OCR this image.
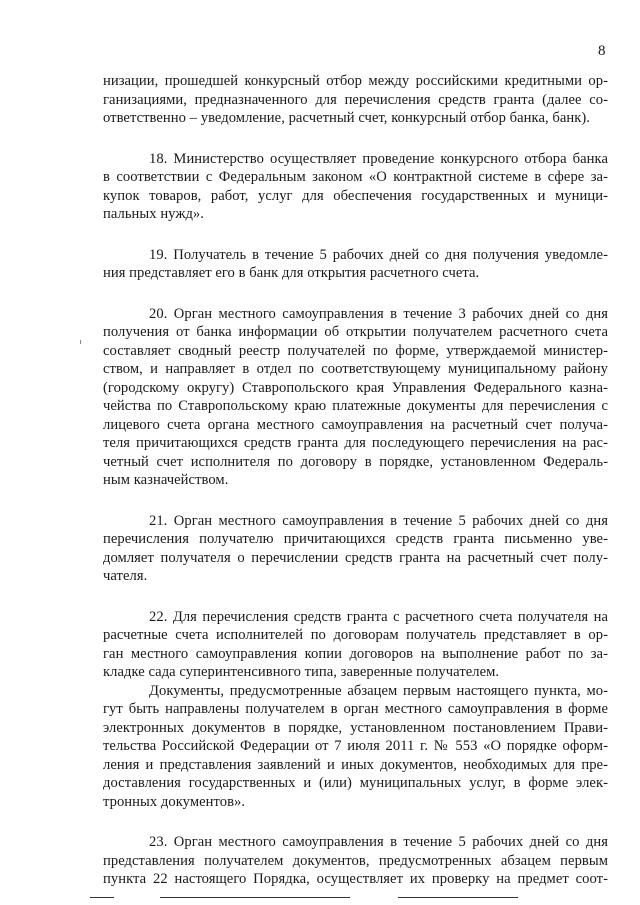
8
низации, прошедшей конкурсный отбор между российскими кредитными ор-
ганизациями, предназначенного для перечисления средств гранта (далее со-
ответственно – уведомление, расчетный счет, конкурсный отбор банка, банк).
18. Министерство осуществляет проведение конкурсного отбора банка
в соответствии с Федеральным законом «О контрактной системе в сфере за-
купок товаров, работ, услуг для обеспечения государственных и муници-
пальных нужд».
19. Получатель в течение 5 рабочих дней со дня получения уведомле-
ния представляет его в банк для открытия расчетного счета.
20. Орган местного самоуправления в течение 3 рабочих дней со дня
получения от банка информации об открытии получателем расчетного счета
составляет сводный реестр получателей по форме, утверждаемой министер-
ством, и направляет в отдел по соответствующему муниципальному району
(городскому округу) Ставропольского края Управления Федерального казна-
чейства по Ставропольскому краю платежные документы для перечисления с
лицевого счета органа местного самоуправления на расчетный счет получа-
теля причитающихся средств гранта для последующего перечисления на рас-
четный счет исполнителя по договору в порядке, установленном Федераль-
ным казначейством.
21. Орган местного самоуправления в течение 5 рабочих дней со дня
перечисления получателю причитающихся средств гранта письменно уве-
домляет получателя о перечислении средств гранта на расчетный счет полу-
чателя.
22. Для перечисления средств гранта с расчетного счета получателя на
расчетные счета исполнителей по договорам получатель представляет в ор-
ган местного самоуправления копии договоров на выполнение работ по за-
кладке сада суперинтенсивного типа, заверенные получателем.
Документы, предусмотренные абзацем первым настоящего пункта, мо-
гут быть направлены получателем в орган местного самоуправления в форме
электронных документов в порядке, установленном постановлением Прави-
тельства Российской Федерации от 7 июля 2011 г. № 553 «О порядке оформ-
ления и представления заявлений и иных документов, необходимых для пре-
доставления государственных и (или) муниципальных услуг, в форме элек-
тронных документов».
23. Орган местного самоуправления в течение 5 рабочих дней со дня
представления получателем документов, предусмотренных абзацем первым
пункта 22 настоящего Порядка, осуществляет их проверку на предмет соот-
